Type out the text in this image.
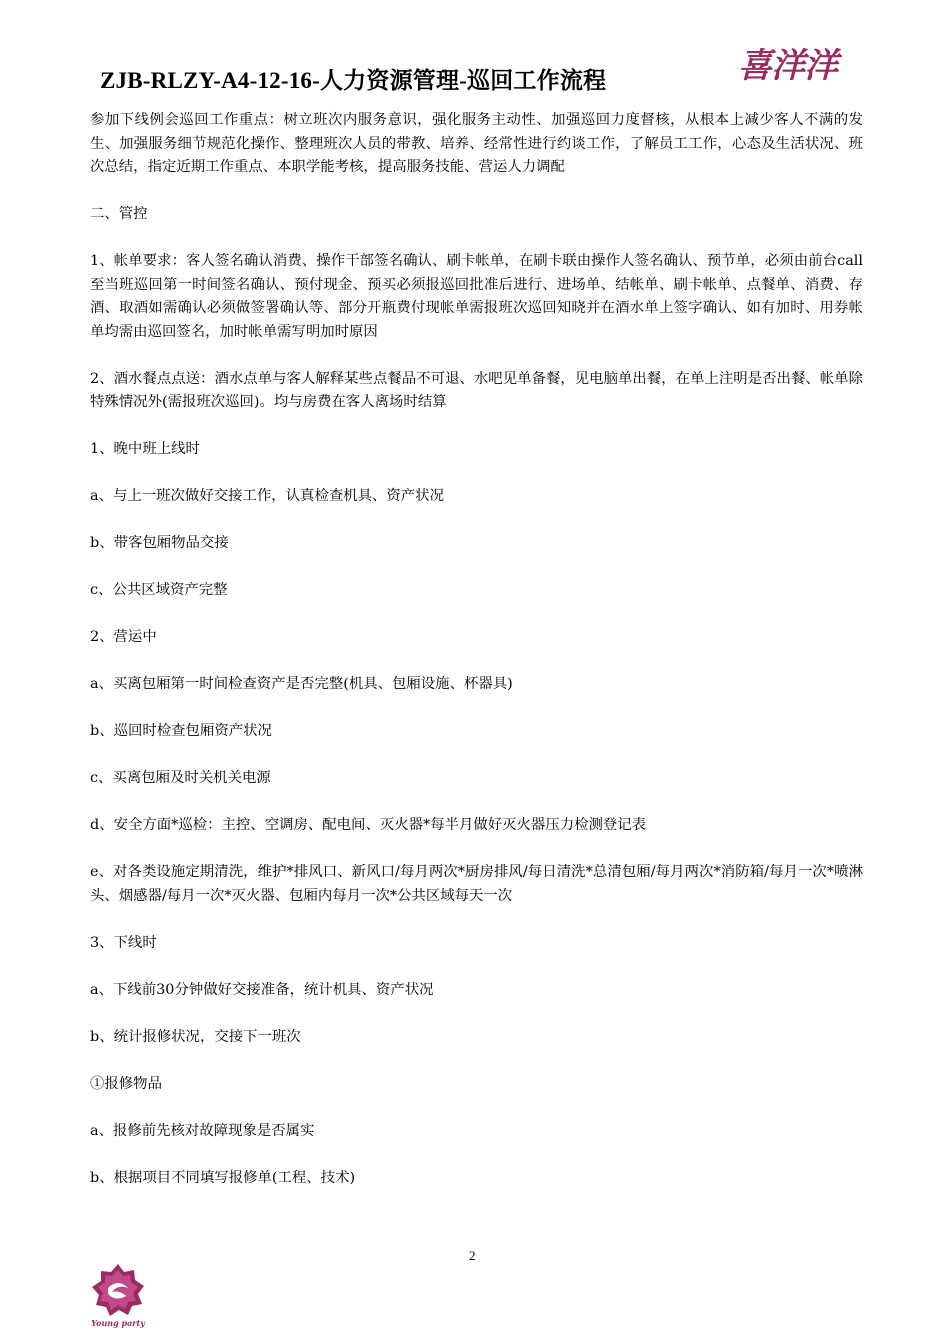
ZJB-RLZY-A4-12-16-人力资源管理-巡回工作流程	喜洋洋

参加下线例会巡回工作重点：树立班次内服务意识，强化服务主动性、加强巡回力度督核，从根本上减少客人不满的发生、加强服务细节规范化操作、整理班次人员的带教、培养、经常性进行约谈工作，了解员工工作，心态及生活状况、班次总结，指定近期工作重点、本职学能考核，提高服务技能、营运人力调配

二、管控

1、帐单要求：客人签名确认消费、操作干部签名确认、刷卡帐单，在刷卡联由操作人签名确认、预节单，必须由前台call至当班巡回第一时间签名确认、预付现金、预买必须报巡回批准后进行、进场单、结帐单、刷卡帐单、点餐单、消费、存酒、取酒如需确认必须做签署确认等、部分开瓶费付现帐单需报班次巡回知晓并在酒水单上签字确认、如有加时、用券帐单均需由巡回签名，加时帐单需写明加时原因

2、酒水餐点点送：酒水点单与客人解释某些点餐品不可退、水吧见单备餐，见电脑单出餐，在单上注明是否出餐、帐单除特殊情况外(需报班次巡回)。均与房费在客人离场时结算

1、晚中班上线时

a、与上一班次做好交接工作，认真检查机具、资产状况

b、带客包厢物品交接

c、公共区域资产完整

2、营运中

a、买离包厢第一时间检查资产是否完整(机具、包厢设施、杯器具)

b、巡回时检查包厢资产状况

c、买离包厢及时关机关电源

d、安全方面*巡检：主控、空调房、配电间、灭火器*每半月做好灭火器压力检测登记表

e、对各类设施定期清洗，维护*排风口、新风口/每月两次*厨房排风/每日清洗*总清包厢/每月两次*消防箱/每月一次*喷淋头、烟感器/每月一次*灭火器、包厢内每月一次*公共区域每天一次

3、下线时

a、下线前30分钟做好交接准备，统计机具、资产状况

b、统计报修状况，交接下一班次

①报修物品

a、报修前先核对故障现象是否属实

b、根据项目不同填写报修单(工程、技术)

2
Young party
